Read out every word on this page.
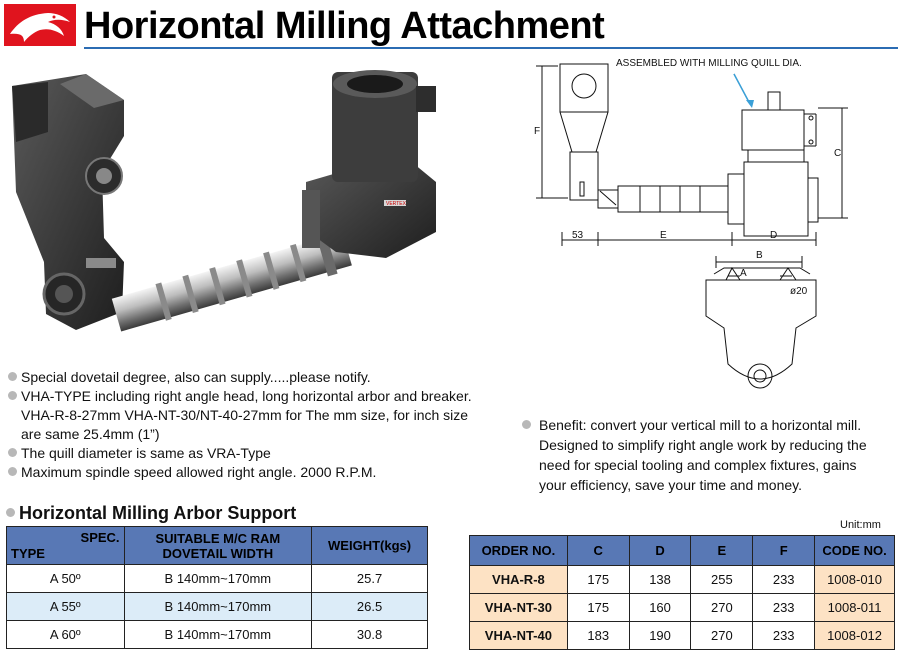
Horizontal Milling Attachment
VERTEX
ASSEMBLED WITH MILLING QUILL DIA.
F
C
53	E	D
B
A
ø20
Special dovetail degree, also can supply.....please notify.
VHA-TYPE including right angle head, long horizontal arbor and breaker. VHA-R-8-27mm VHA-NT-30/NT-40-27mm for The mm size, for inch size are same 25.4mm (1”)
The quill diameter is same as VRA-Type
Maximum spindle speed allowed right angle. 2000 R.P.M.
Benefit: convert your vertical mill to a horizontal mill. Designed to simplify right angle work by reducing the need for special tooling and complex fixtures, gains your efficiency, save your time and money.
Horizontal Milling Arbor Support
SPEC.
TYPE	SUITABLE M/C RAM DOVETAIL WIDTH	WEIGHT(kgs)
A 50º	B 140mm~170mm	25.7
A 55º	B 140mm~170mm	26.5
A 60º	B 140mm~170mm	30.8
Unit:mm
ORDER NO.	C	D	E	F	CODE NO.
VHA-R-8	175	138	255	233	1008-010
VHA-NT-30	175	160	270	233	1008-011
VHA-NT-40	183	190	270	233	1008-012
